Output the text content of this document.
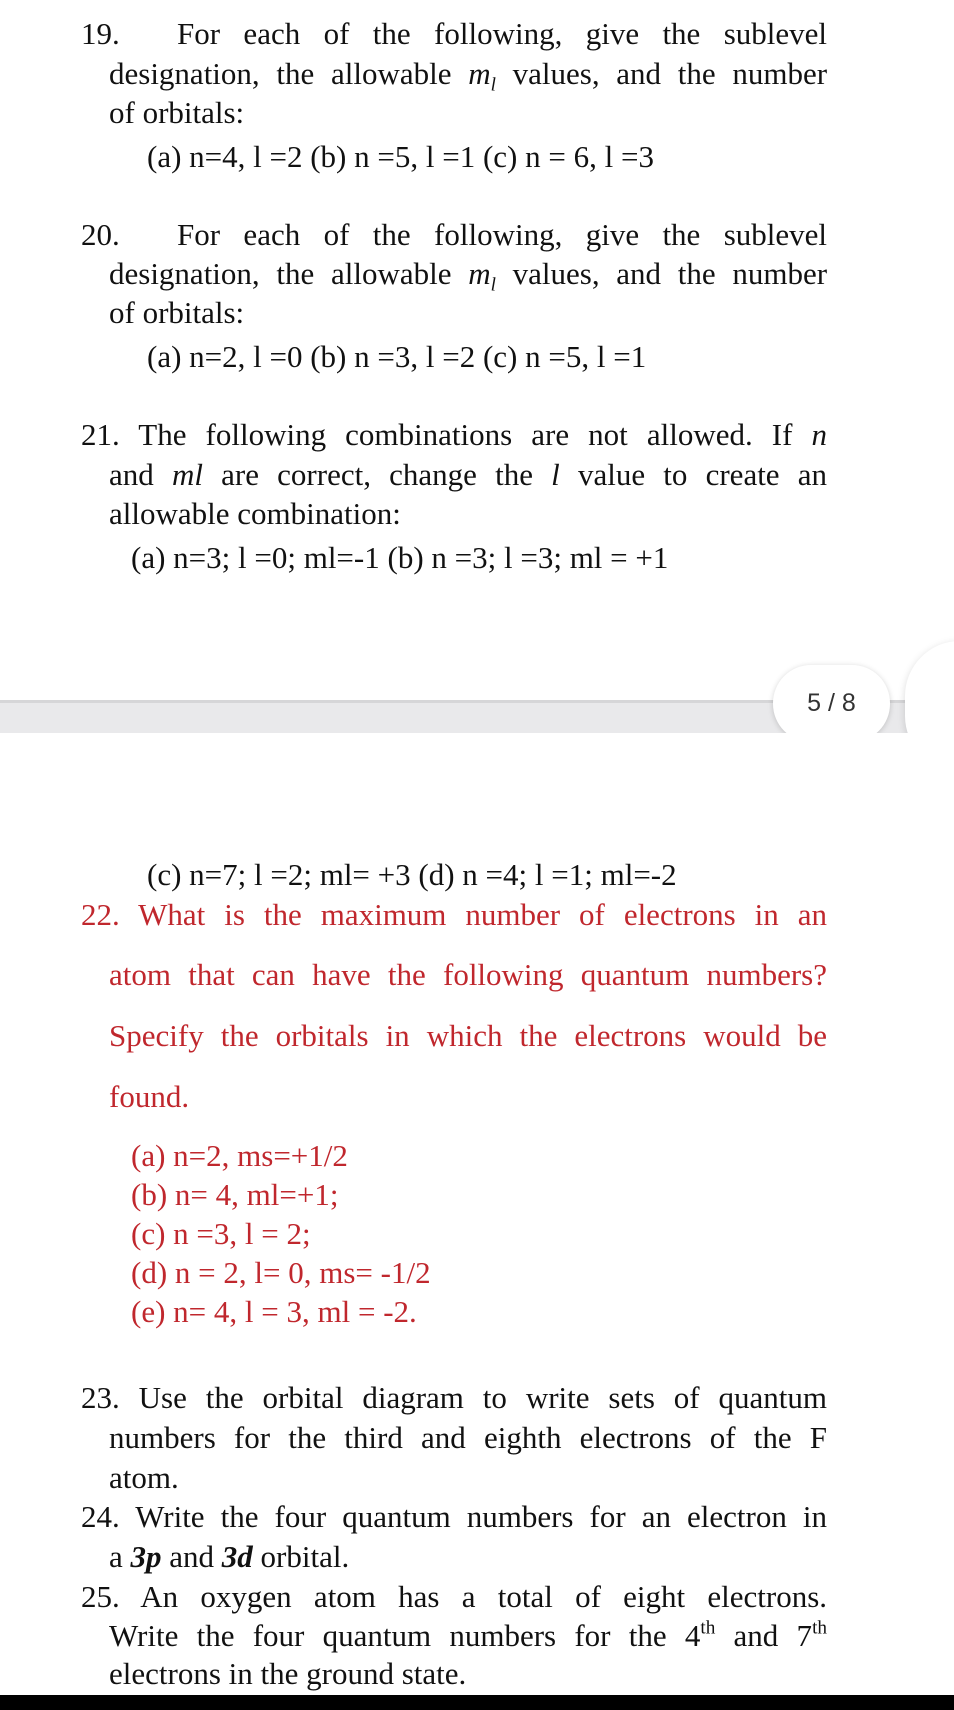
19. For each of the following, give the sublevel
designation, the allowable $m_l$ values, and the number
of orbitals:
(a) n=4, l =2 (b) n =5, l =1 (c) n = 6, l =3
20. For each of the following, give the sublevel
designation, the allowable $m_l$ values, and the number
of orbitals:
(a) n=2, l =0 (b) n =3, l =2 (c) n =5, l =1
21. The following combinations are not allowed. If n
and ml are correct, change the l value to create an
allowable combination:
(a) n=3; l =0; ml=-1 (b) n =3; l =3; ml = +1
5 / 8
(c) n=7; l =2; ml= +3 (d) n =4; l =1; ml=-2
22. What is the maximum number of electrons in an
atom that can have the following quantum numbers?
Specify the orbitals in which the electrons would be
found.
(a) n=2, ms=+1/2
(b) n= 4, ml=+1;
(c) n =3, l = 2;
(d) n = 2, l= 0, ms= -1/2
(e) n= 4, l = 3, ml = -2.
23. Use the orbital diagram to write sets of quantum
numbers for the third and eighth electrons of the F
atom.
24. Write the four quantum numbers for an electron in
a 3p and 3d orbital.
25. An oxygen atom has a total of eight electrons.
Write the four quantum numbers for the 4th and 7th
electrons in the ground state.
